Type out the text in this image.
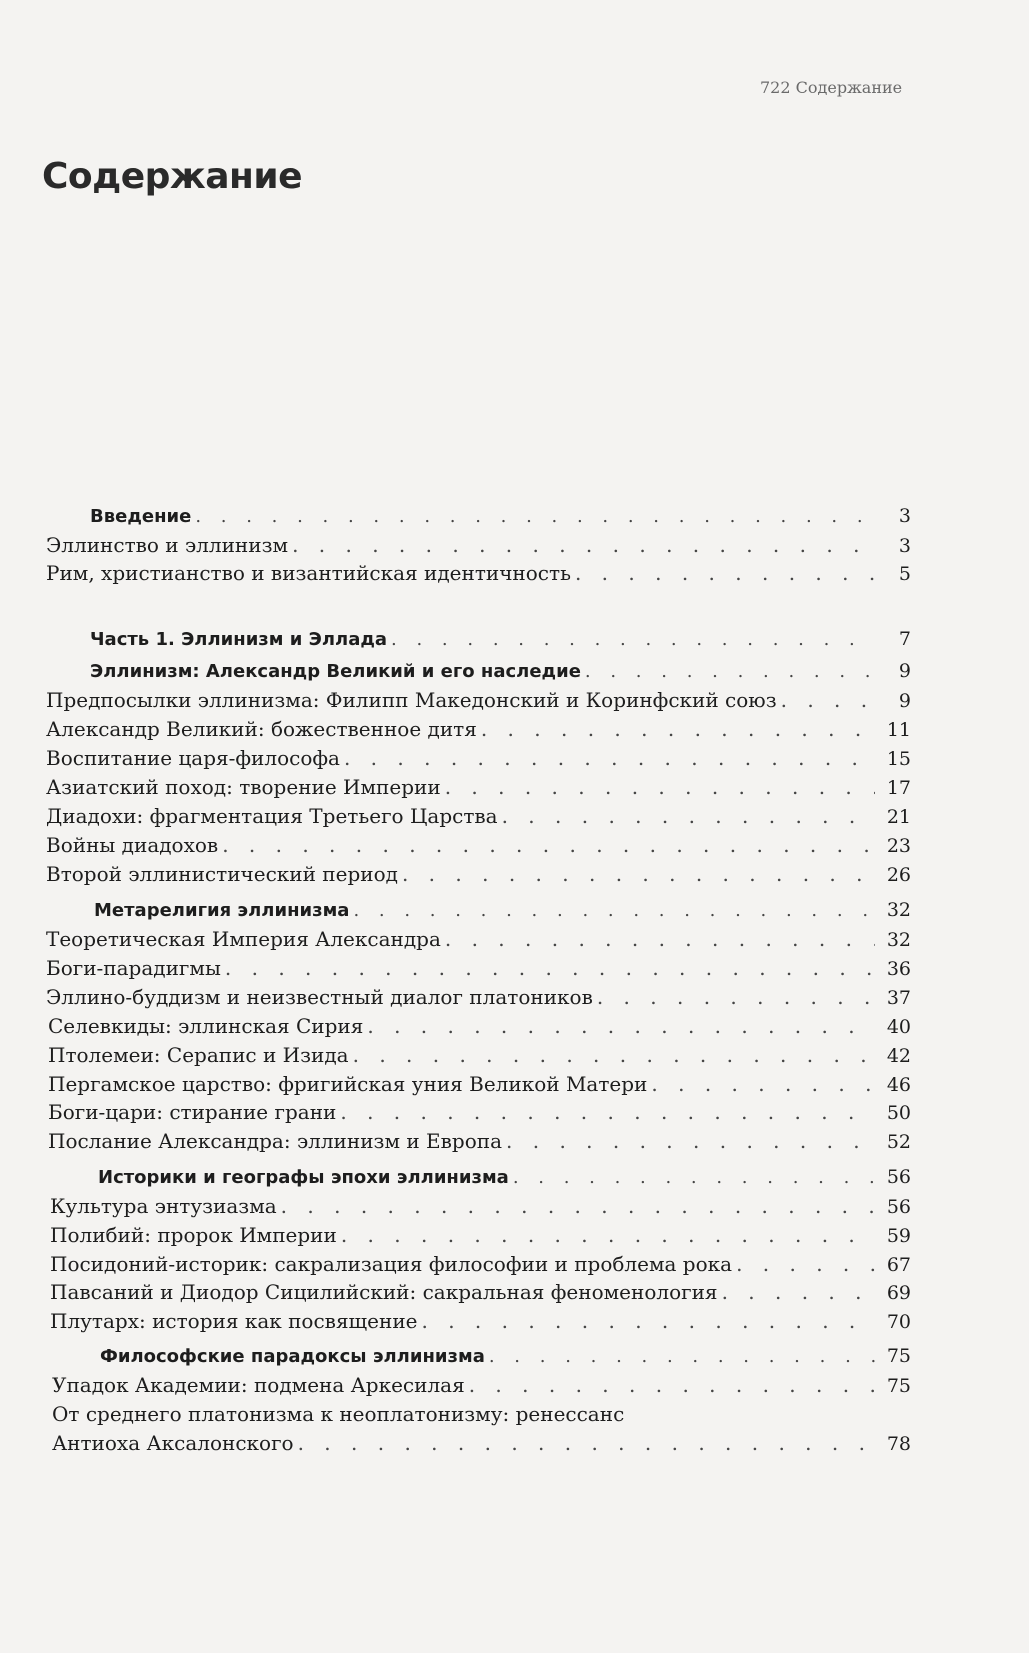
722 Содержание
Содержание
Введение . . .	3
Эллинство и эллинизм . . .	3
Рим, христианство и византийская идентичность . . .	5
Часть 1. Эллинизм и Эллада . . .	7
Эллинизм: Александр Великий и его наследие . . .	9
Предпосылки эллинизма: Филипп Македонский и Коринфский союз . . .	9
Александр Великий: божественное дитя . . .	11
Воспитание царя-философа . . .	15
Азиатский поход: творение Империи . . .	17
Диадохи: фрагментация Третьего Царства . . .	21
Войны диадохов . . .	23
Второй эллинистический период . . .	26
Метарелигия эллинизма . . .	32
Теоретическая Империя Александра . . .	32
Боги-парадигмы . . .	36
Эллино-буддизм и неизвестный диалог платоников . . .	37
Селевкиды: эллинская Сирия . . .	40
Птолемеи: Серапис и Изида . . .	42
Пергамское царство: фригийская уния Великой Матери . . .	46
Боги-цари: стирание грани . . .	50
Послание Александра: эллинизм и Европа . . .	52
Историки и географы эпохи эллинизма . . .	56
Культура энтузиазма . . .	56
Полибий: пророк Империи . . .	59
Посидоний-историк: сакрализация философии и проблема рока . . .	67
Павсаний и Диодор Сицилийский: сакральная феноменология . . .	69
Плутарх: история как посвящение . . .	70
Философские парадоксы эллинизма . . .	75
Упадок Академии: подмена Аркесилая . . .	75
От среднего платонизма к неоплатонизму: ренессанс
Антиоха Аксалонского . . .	78
